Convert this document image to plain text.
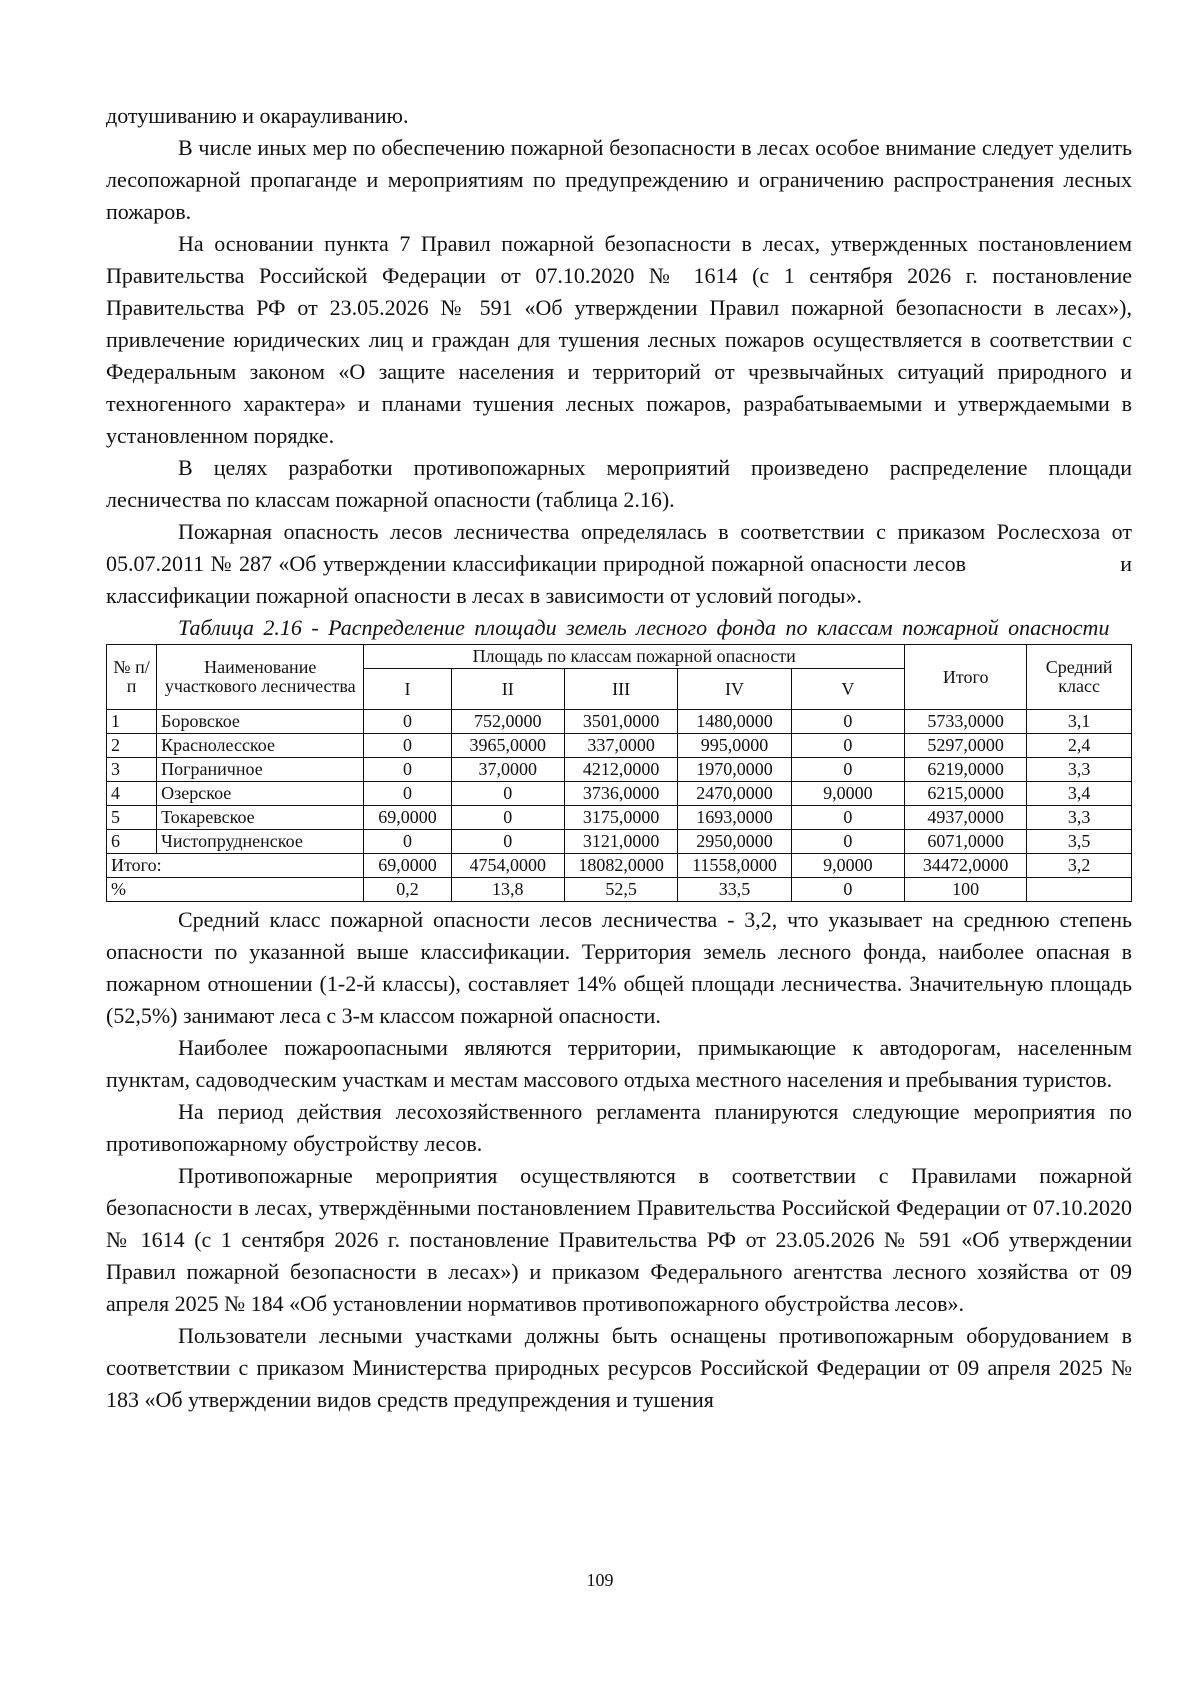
дотушиванию и окарауливанию.

В числе иных мер по обеспечению пожарной безопасности в лесах особое внимание следует уделить лесопожарной пропаганде и мероприятиям по предупреждению и ограничению распространения лесных пожаров.

На основании пункта 7 Правил пожарной безопасности в лесах, утвержденных постановлением Правительства Российской Федерации от 07.10.2020 № 1614 (с 1 сентября 2026 г. постановление Правительства РФ от 23.05.2026 № 591 «Об утверждении Правил пожарной безопасности в лесах»), привлечение юридических лиц и граждан для тушения лесных пожаров осуществляется в соответствии с Федеральным законом «О защите населения и территорий от чрезвычайных ситуаций природного и техногенного характера» и планами тушения лесных пожаров, разрабатываемыми и утверждаемыми в установленном порядке.

В целях разработки противопожарных мероприятий произведено распределение площади лесничества по классам пожарной опасности (таблица 2.16).

Пожарная опасность лесов лесничества определялась в соответствии с приказом Рослесхоза от 05.07.2011 № 287 «Об утверждении классификации природной пожарной опасности лесов                        и классификации пожарной опасности в лесах в зависимости от условий погоды».

Таблица 2.16 - Распределение площади земель лесного фонда по классам пожарной опасности

№ п/п	Наименование участкового лесничества	Площадь по классам пожарной опасности					Итого	Средний класс
		I	II	III	IV	V		
1	Боровское	0	752,0000	3501,0000	1480,0000	0	5733,0000	3,1
2	Краснолесское	0	3965,0000	337,0000	995,0000	0	5297,0000	2,4
3	Пограничное	0	37,0000	4212,0000	1970,0000	0	6219,0000	3,3
4	Озерское	0	0	3736,0000	2470,0000	9,0000	6215,0000	3,4
5	Токаревское	69,0000	0	3175,0000	1693,0000	0	4937,0000	3,3
6	Чистопрудненское	0	0	3121,0000	2950,0000	0	6071,0000	3,5
Итого:		69,0000	4754,0000	18082,0000	11558,0000	9,0000	34472,0000	3,2
%		0,2	13,8	52,5	33,5	0	100	

Средний класс пожарной опасности лесов лесничества - 3,2, что указывает на среднюю степень опасности по указанной выше классификации. Территория земель лесного фонда, наиболее опасная в пожарном отношении (1-2-й классы), составляет 14% общей площади лесничества. Значительную площадь (52,5%) занимают леса с 3-м классом пожарной опасности.

Наиболее пожароопасными являются территории, примыкающие к автодорогам, населенным пунктам, садоводческим участкам и местам массового отдыха местного населения и пребывания туристов.

На период действия лесохозяйственного регламента планируются следующие мероприятия по противопожарному обустройству лесов.

Противопожарные мероприятия осуществляются в соответствии с Правилами пожарной безопасности в лесах, утверждёнными постановлением Правительства Российской Федерации от 07.10.2020 № 1614 (с 1 сентября 2026 г. постановление Правительства РФ от 23.05.2026 № 591 «Об утверждении Правил пожарной безопасности в лесах») и приказом Федерального агентства лесного хозяйства от 09 апреля 2025 № 184 «Об установлении нормативов противопожарного обустройства лесов».

Пользователи лесными участками должны быть оснащены противопожарным оборудованием в соответствии с приказом Министерства природных ресурсов Российской Федерации от 09 апреля 2025 № 183 «Об утверждении видов средств предупреждения и тушения

109
